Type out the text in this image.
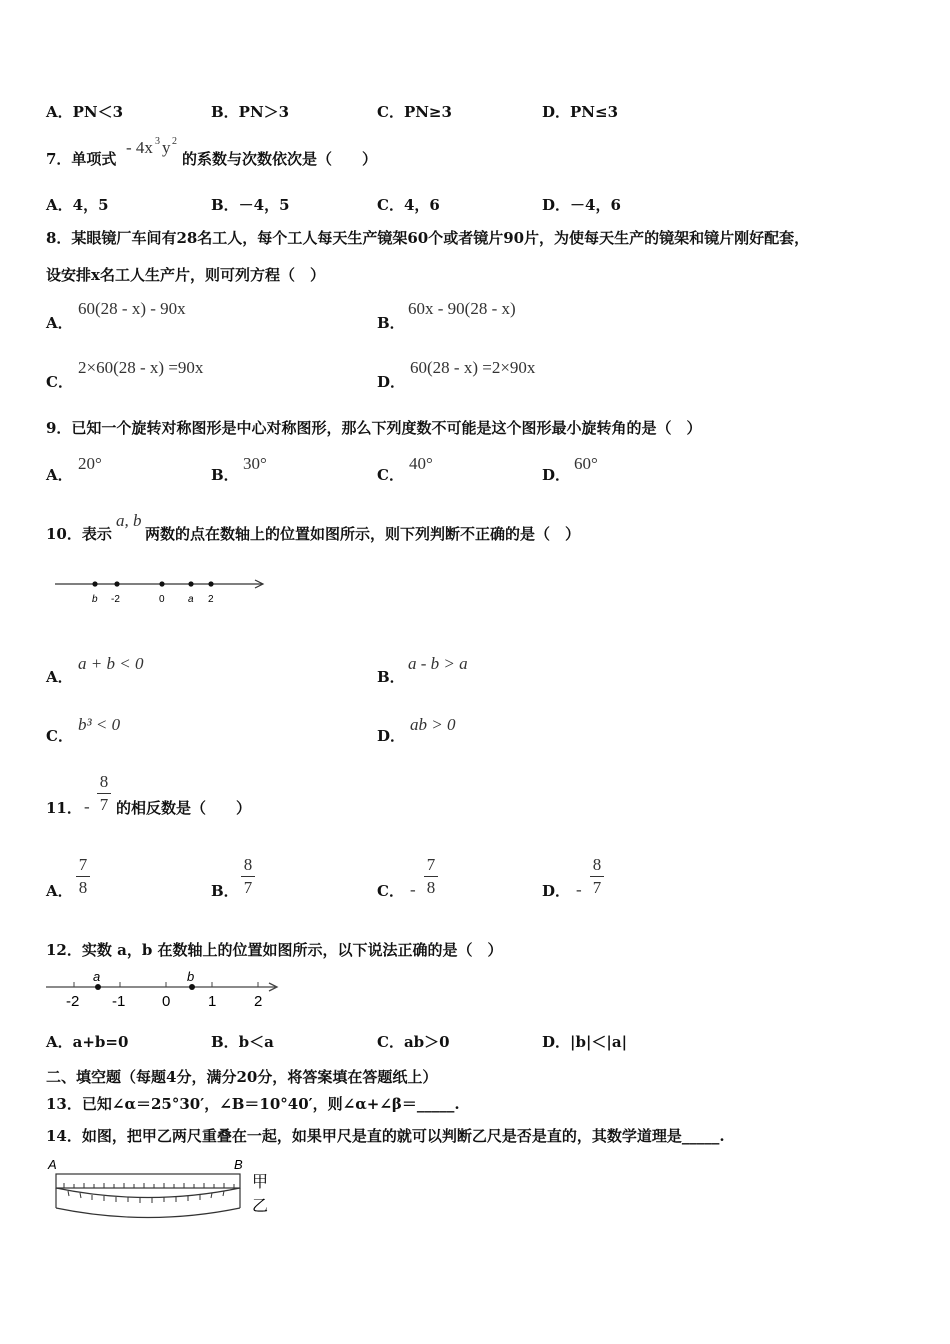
A．PN＜3	B．PN＞3	C．PN≥3	D．PN≤3
7．单项式
- 4x 3 y 2
的系数与次数依次是（　　）
A．4，5	B．－4，5	C．4，6	D．－4，6
8．某眼镜厂车间有28名工人，每个工人每天生产镜架60个或者镜片90片，为使每天生产的镜架和镜片刚好配套，
设安排x名工人生产片，则可列方程（　）
A．
60(28 - x) - 90x
B．
60x - 90(28 - x)
C．
2×60(28 - x) =90x
D．
60(28 - x) =2×90x
9．已知一个旋转对称图形是中心对称图形，那么下列度数不可能是这个图形最小旋转角的是（　）
A．
20°
B．
30°
C．
40°
D．
60°
10．表示
a, b
两数的点在数轴上的位置如图所示，则下列判断不正确的是（　）
b -2	0 a 2
A．
a + b < 0
B．
a - b > a
C．
b³ < 0
D．
ab > 0
11． -
8
7 的相反数是（　　）
A．
7
8	B．
8
7	C． -
7
8	D． -
8
7
12．实数 a，b 在数轴上的位置如图所示，以下说法正确的是（　）
a	b
-2 -1 0	1	2
A．a+b=0	B．b＜a	C．ab＞0	D．|b|＜|a|
二、填空题（每题4分，满分20分，将答案填在答题纸上）
13．已知∠α＝25°30′，∠B＝10°40′，则∠α+∠β＝_____.
14．如图，把甲乙两尺重叠在一起，如果甲尺是直的就可以判断乙尺是否是直的，其数学道理是_____.
A	B
甲
乙
